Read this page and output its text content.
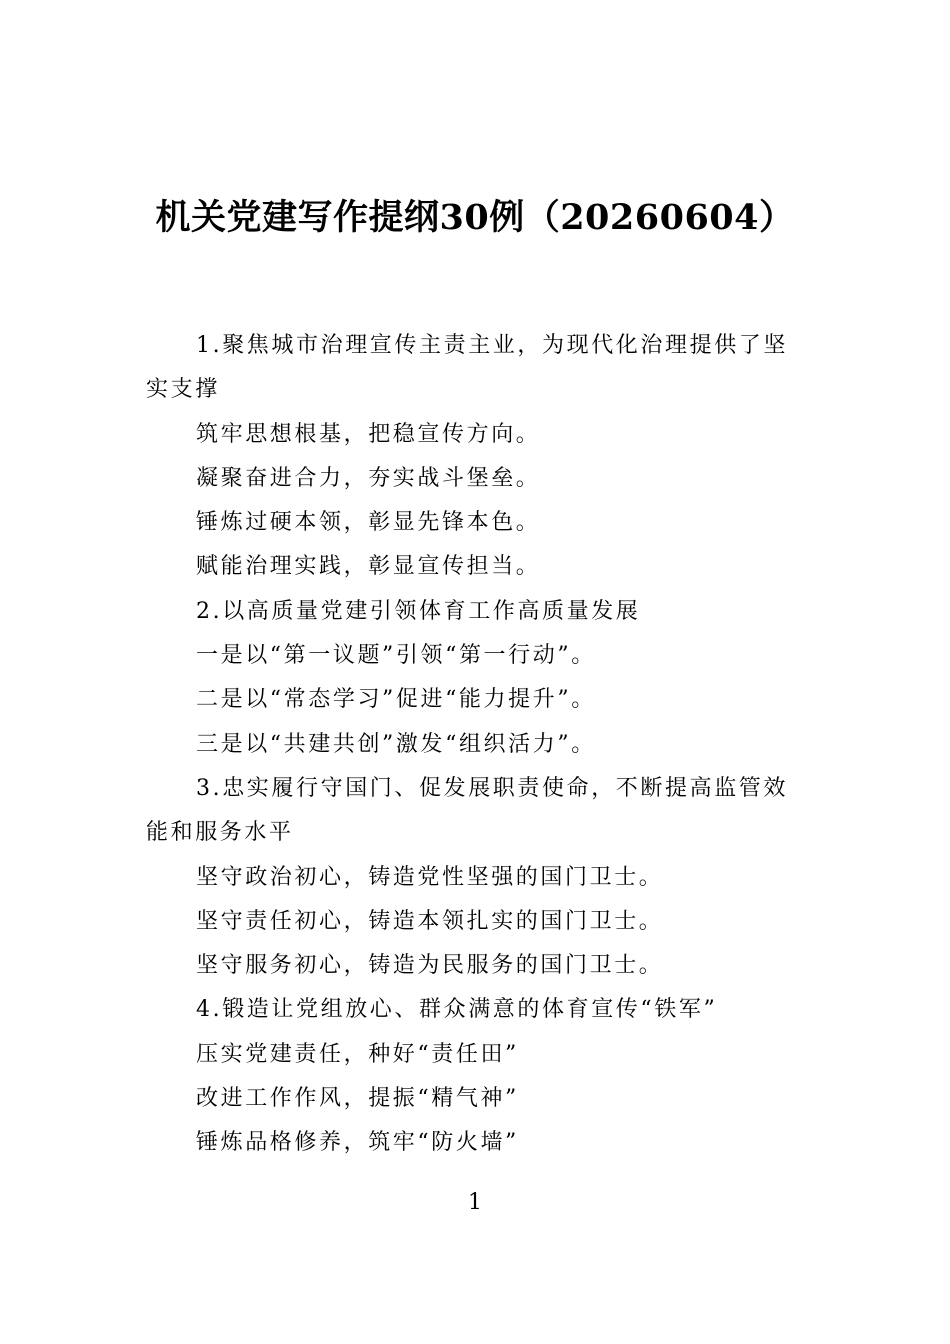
机关党建写作提纲30例（20260604）

1.聚焦城市治理宣传主责主业，为现代化治理提供了坚实支撑

筑牢思想根基，把稳宣传方向。

凝聚奋进合力，夯实战斗堡垒。

锤炼过硬本领，彰显先锋本色。

赋能治理实践，彰显宣传担当。

2.以高质量党建引领体育工作高质量发展

一是以“第一议题”引领“第一行动”。

二是以“常态学习”促进“能力提升”。

三是以“共建共创”激发“组织活力”。

3.忠实履行守国门、促发展职责使命，不断提高监管效能和服务水平

坚守政治初心，铸造党性坚强的国门卫士。

坚守责任初心，铸造本领扎实的国门卫士。

坚守服务初心，铸造为民服务的国门卫士。

4.锻造让党组放心、群众满意的体育宣传“铁军”

压实党建责任，种好“责任田”

改进工作作风，提振“精气神”

锤炼品格修养，筑牢“防火墙”

1
